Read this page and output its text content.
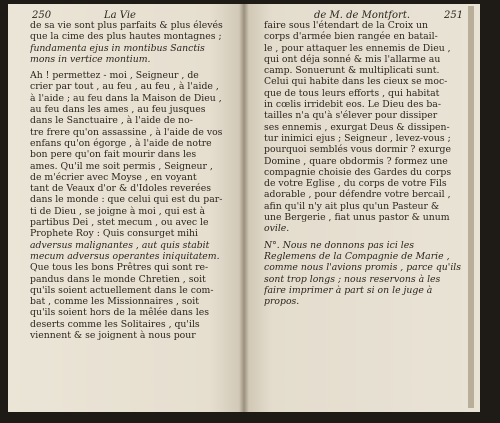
250	La Vie
de sa vie sont plus parfaits & plus élevés
que la cime des plus hautes montagnes ;
fundamenta ejus in montibus Sanctis
mons in vertice montium.
Ah ! permettez - moi , Seigneur , de
crier par tout , au feu , au feu , à l'aide ,
à l'aide ; au feu dans la Maison de Dieu ,
au feu dans les ames , au feu jusques
dans le Sanctuaire , à l'aide de no-
tre frere qu'on assassine , à l'aide de vos
enfans qu'on égorge , à l'aide de notre
bon pere qu'on fait mourir dans les
ames. Qu'il me soit permis , Seigneur ,
de m'écrier avec Moyse , en voyant
tant de Veaux d'or & d'Idoles reverées
dans le monde : que celui qui est du par-
ti de Dieu , se joigne à moi , qui est à
partibus Dei , stet mecum , ou avec le
Prophete Roy : Quis consurget mihi
adversus malignantes , aut quis stabit
mecum adversus operantes iniquitatem.
Que tous les bons Prêtres qui sont re-
pandus dans le monde Chretien , soit
qu'ils soient actuellement dans le com-
bat , comme les Missionnaires , soit
qu'ils soient hors de la mêlée dans les
deserts comme les Solitaires , qu'ils
viennent & se joignent à nous pour
de M. de Montfort.	251
faire sous l'étendart de la Croix un
corps d'armée bien rangée en batail-
le , pour attaquer les ennemis de Dieu ,
qui ont déja sonné & mis l'allarme au
camp. Sonuerunt & multiplicati sunt.
Celui qui habite dans les cieux se moc-
que de tous leurs efforts , qui habitat
in cœlis irridebit eos. Le Dieu des ba-
tailles n'a qu'à s'élever pour dissiper
ses ennemis , exurgat Deus & dissipen-
tur inimici ejus ; Seigneur , levez-vous ;
pourquoi semblés vous dormir ? exurge
Domine , quare obdormis ? formez une
compagnie choisie des Gardes du corps
de votre Eglise , du corps de votre Fils
adorable , pour défendre votre bercail ,
afin qu'il n'y ait plus qu'un Pasteur &
une Bergerie , fiat unus pastor & unum
ovile.
N°. Nous ne donnons pas ici les
Reglemens de la Compagnie de Marie ,
comme nous l'avions promis , parce qu'ils
sont trop longs ; nous reservons à les
faire imprimer à part si on le juge à
propos.
